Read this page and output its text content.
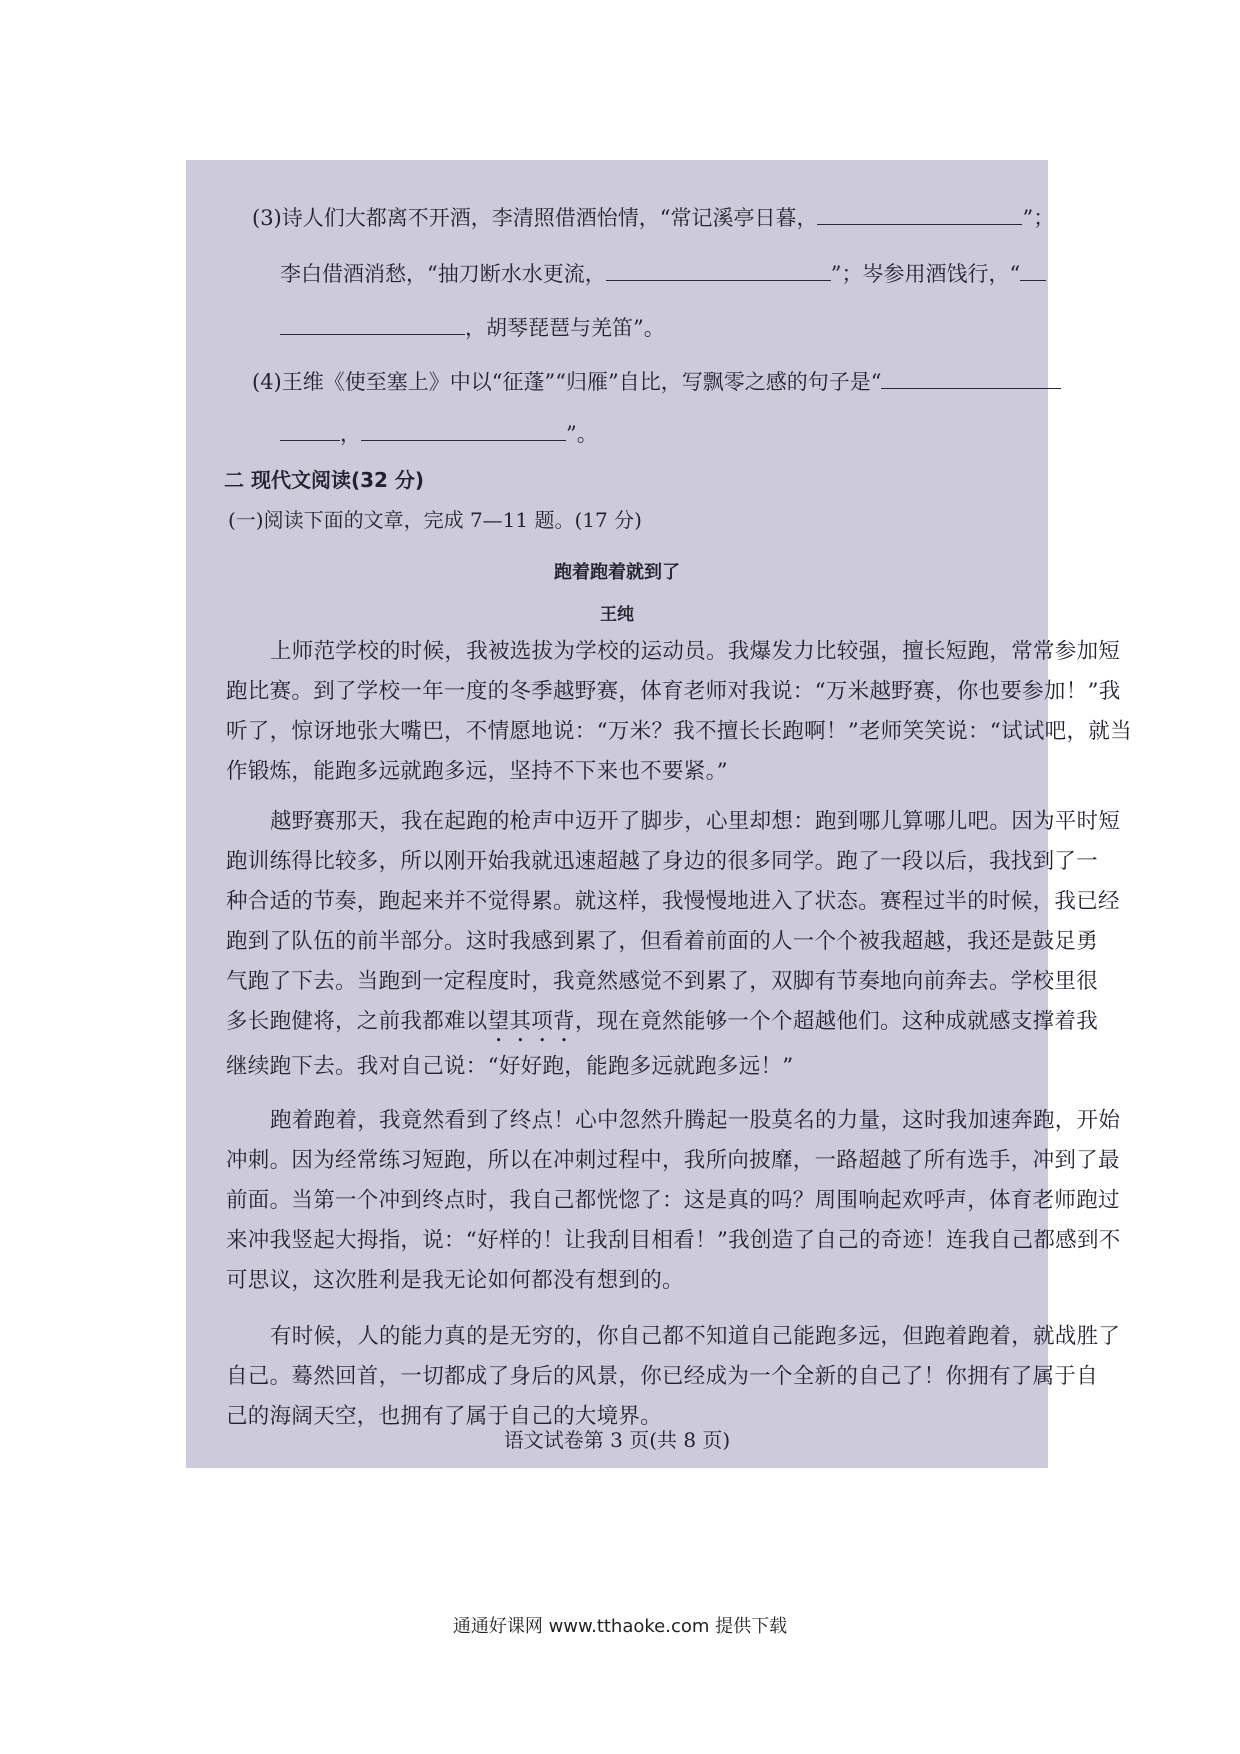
(3)诗人们大都离不开酒，李清照借酒怡情，“常记溪亭日暮，	”；
李白借酒消愁，“抽刀断水水更流，	”；岑参用酒饯行，“
，胡琴琵琶与羌笛”。
(4)王维《使至塞上》中以“征蓬”“归雁”自比，写飘零之感的句子是“
，	”。
二 现代文阅读(32 分)
(一)阅读下面的文章，完成 7—11 题。(17 分)
跑着跑着就到了
王纯
上师范学校的时候，我被选拔为学校的运动员。我爆发力比较强，擅长短跑，常常参加短
跑比赛。到了学校一年一度的冬季越野赛，体育老师对我说：“万米越野赛，你也要参加！”我
听了，惊讶地张大嘴巴，不情愿地说：“万米？我不擅长长跑啊！”老师笑笑说：“试试吧，就当
作锻炼，能跑多远就跑多远，坚持不下来也不要紧。”
越野赛那天，我在起跑的枪声中迈开了脚步，心里却想：跑到哪儿算哪儿吧。因为平时短
跑训练得比较多，所以刚开始我就迅速超越了身边的很多同学。跑了一段以后，我找到了一
种合适的节奏，跑起来并不觉得累。就这样，我慢慢地进入了状态。赛程过半的时候，我已经
跑到了队伍的前半部分。这时我感到累了，但看着前面的人一个个被我超越，我还是鼓足勇
气跑了下去。当跑到一定程度时，我竟然感觉不到累了，双脚有节奏地向前奔去。学校里很
多长跑健将，之前我都难以望其项背，现在竟然能够一个个超越他们。这种成就感支撑着我
继续跑下去。我对自己说：“好好跑，能跑多远就跑多远！”
跑着跑着，我竟然看到了终点！心中忽然升腾起一股莫名的力量，这时我加速奔跑，开始
冲刺。因为经常练习短跑，所以在冲刺过程中，我所向披靡，一路超越了所有选手，冲到了最
前面。当第一个冲到终点时，我自己都恍惚了：这是真的吗？周围响起欢呼声，体育老师跑过
来冲我竖起大拇指，说：“好样的！让我刮目相看！”我创造了自己的奇迹！连我自己都感到不
可思议，这次胜利是我无论如何都没有想到的。
有时候，人的能力真的是无穷的，你自己都不知道自己能跑多远，但跑着跑着，就战胜了
自己。蓦然回首，一切都成了身后的风景，你已经成为一个全新的自己了！你拥有了属于自
己的海阔天空，也拥有了属于自己的大境界。
语文试卷第 3 页(共 8 页)
通通好课网 www.tthaoke.com 提供下载
